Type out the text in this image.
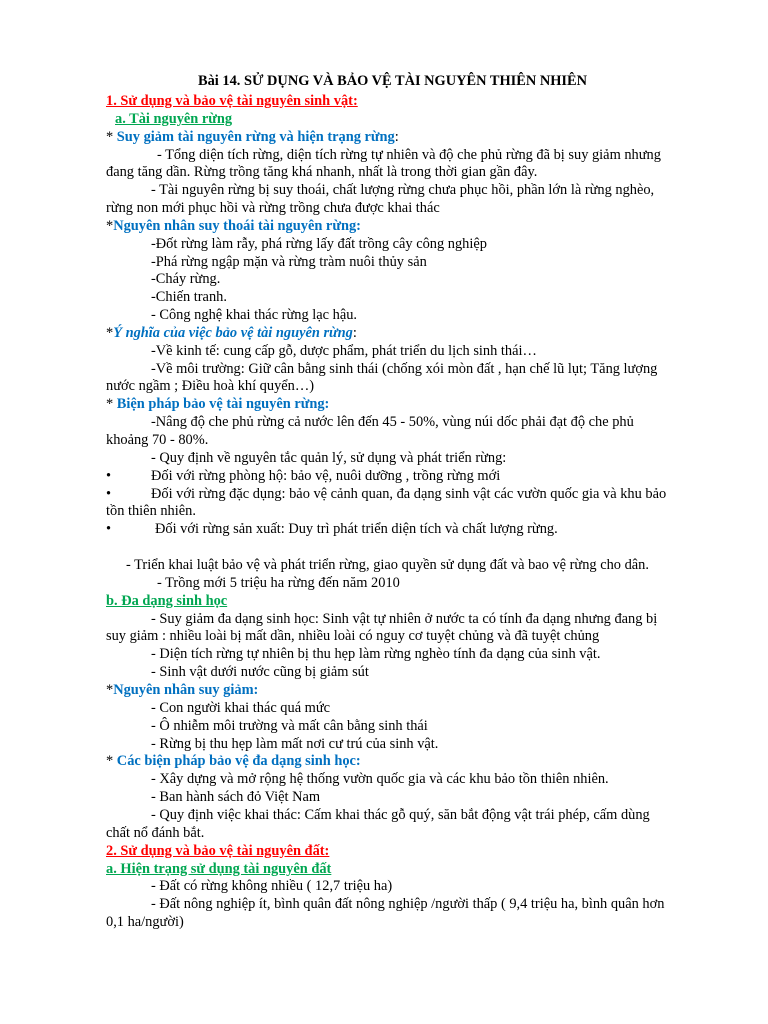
Bài 14. SỬ DỤNG VÀ BẢO VỆ TÀI NGUYÊN THIÊN NHIÊN
1. Sử dụng và bảo vệ tài nguyên sinh vật:
a. Tài nguyên rừng
* Suy giảm tài nguyên rừng và hiện trạng rừng:
- Tổng diện tích rừng, diện tích rừng tự nhiên và độ che phủ rừng đã bị suy giảm nhưng
đang tăng dần. Rừng trồng tăng khá nhanh, nhất là trong thời gian gần đây.
- Tài nguyên rừng bị suy thoái, chất lượng rừng chưa phục hồi, phần lớn là rừng nghèo,
rừng non mới phục hồi và rừng trồng chưa được khai thác
*Nguyên nhân suy thoái tài nguyên rừng:
-Đốt rừng làm rẫy, phá rừng lấy đất trồng cây công nghiệp
-Phá rừng ngập mặn và rừng tràm nuôi thủy sản
-Cháy rừng.
-Chiến tranh.
- Công nghệ khai thác rừng lạc hậu.
*Ý nghĩa của việc bảo vệ tài nguyên rừng:
-Về kinh tế: cung cấp gỗ, dược phẩm, phát triển du lịch sinh thái…
-Về môi trường: Giữ cân bằng sinh thái (chống xói mòn đất , hạn chế lũ lụt; Tăng lượng
nước ngầm ; Điều hoà khí quyển…)
* Biện pháp bảo vệ tài nguyên rừng:
-Nâng độ che phủ rừng cả nước lên đến 45 - 50%, vùng núi dốc phải đạt độ che phủ
khoảng 70 - 80%.
- Quy định về nguyên tắc quản lý, sử dụng và phát triển rừng:
•	Đối với rừng phòng hộ: bảo vệ, nuôi dưỡng , trồng rừng mới
•	Đối với rừng đặc dụng: bảo vệ cảnh quan, đa dạng sinh vật các vườn quốc gia và khu bảo
tồn thiên nhiên.
•	Đối với rừng sản xuất: Duy trì phát triển diện tích và chất lượng rừng.
- Triển khai luật bảo vệ và phát triển rừng, giao quyền sử dụng đất và bao vệ rừng cho dân.
- Trồng mới 5 triệu ha rừng đến năm 2010
b. Đa dạng sinh học
- Suy giảm đa dạng sinh học: Sinh vật tự nhiên ở nước ta có tính đa dạng nhưng đang bị
suy giảm : nhiều loài bị mất dần, nhiều loài có nguy cơ tuyệt chủng và đã tuyệt chủng
- Diện tích rừng tự nhiên bị thu hẹp làm rừng nghèo tính đa dạng của sinh vật.
- Sinh vật dưới nước cũng bị giảm sút
*Nguyên nhân suy giảm:
- Con người khai thác quá mức
- Ô nhiễm môi trường và mất cân bằng sinh thái
- Rừng bị thu hẹp làm mất nơi cư trú của sinh vật.
* Các biện pháp bảo vệ đa dạng sinh học:
- Xây dựng và mở rộng hệ thống vườn quốc gia và các khu bảo tồn thiên nhiên.
- Ban hành sách đỏ Việt Nam
- Quy định việc khai thác: Cấm khai thác gỗ quý, săn bắt động vật trái phép, cấm dùng
chất nổ đánh bắt.
2. Sử dụng và bảo vệ tài nguyên đất:
a. Hiện trạng sử dụng tài nguyên đất
- Đất có rừng không nhiều ( 12,7 triệu ha)
- Đất nông nghiệp ít, bình quân đất nông nghiệp /người thấp ( 9,4 triệu ha, bình quân hơn
0,1 ha/người)
